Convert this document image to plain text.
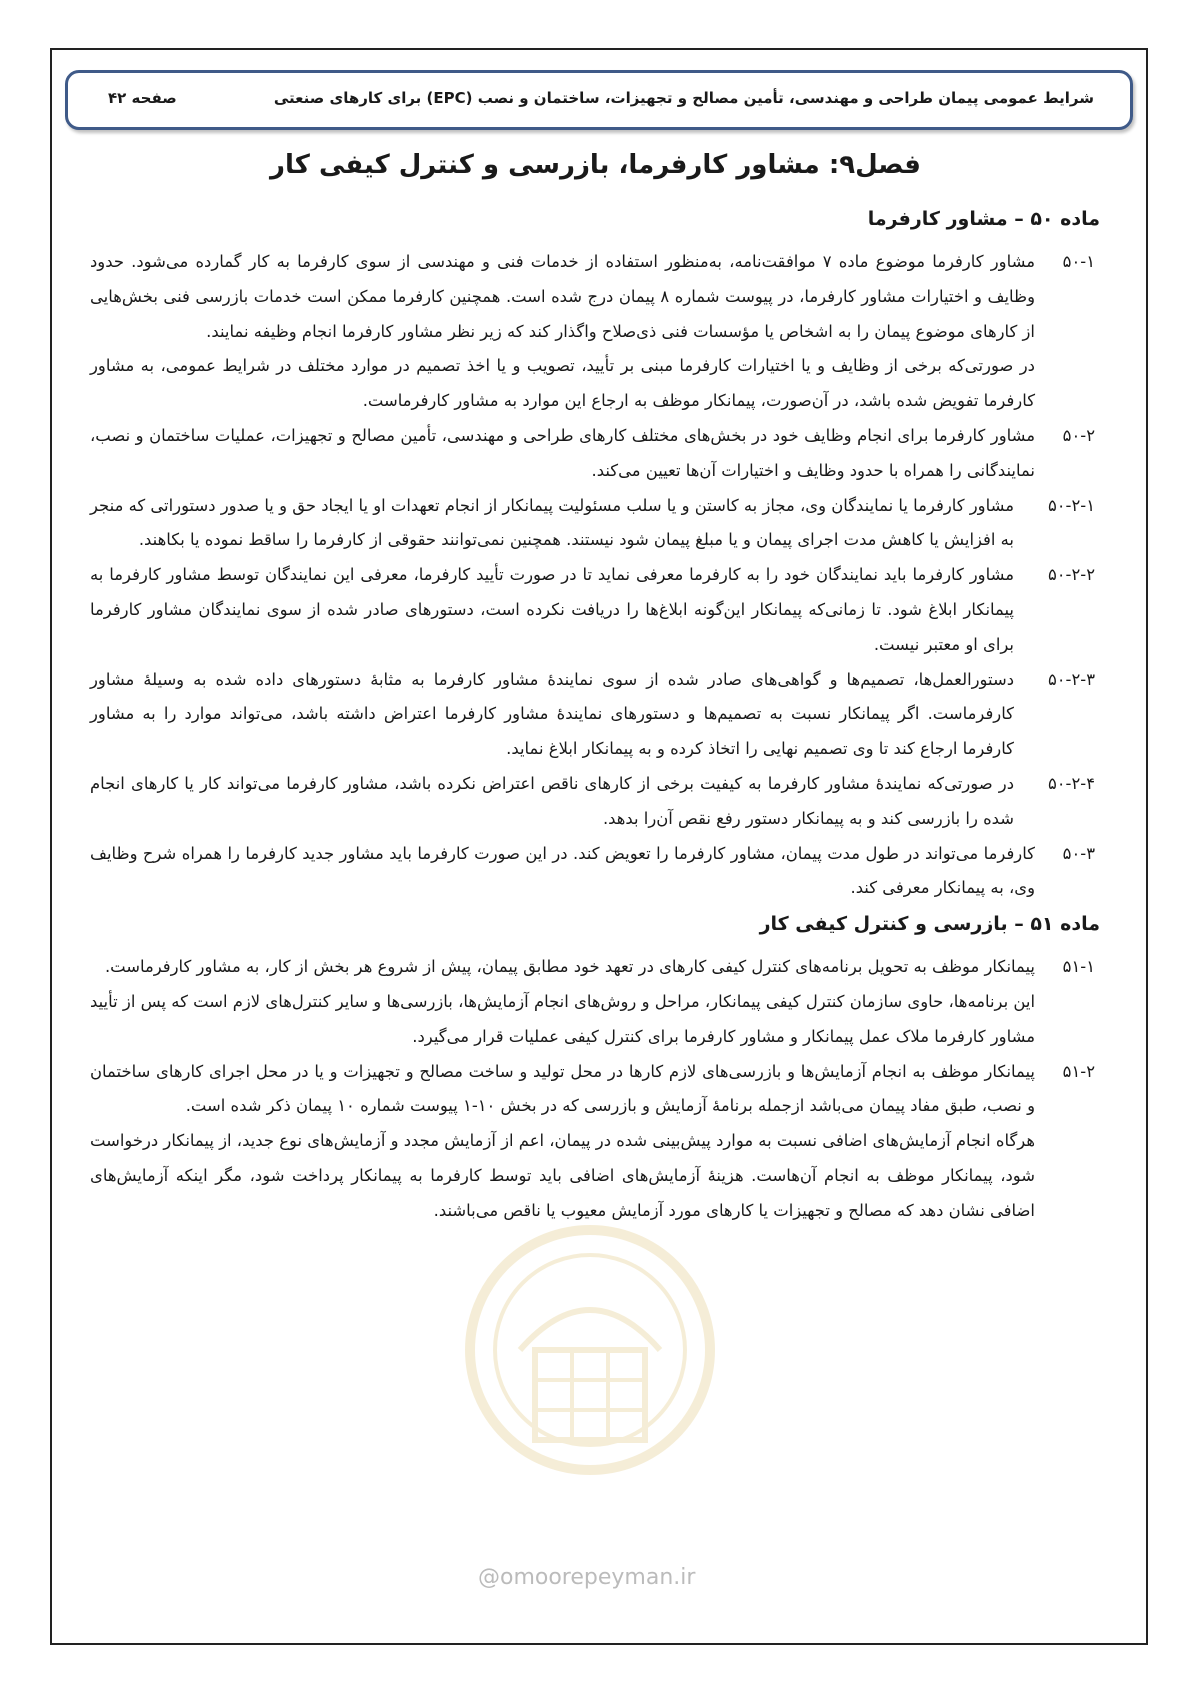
شرایط عمومی پیمان طراحی و مهندسی، تأمین مصالح و تجهیزات، ساختمان و نصب (EPC) برای کارهای صنعتی
صفحه ۴۲
فصل۹: مشاور کارفرما، بازرسی و کنترل کیفی کار
@omoorepeyman.ir
ماده ۵۰ – مشاور کارفرما
۵۰-۱
مشاور کارفرما موضوع ماده ۷ موافقت‌نامه، به‌منظور استفاده از خدمات فنی و مهندسی از سوی کارفرما به کار گمارده می‌شود. حدود وظایف و اختیارات مشاور کارفرما، در پیوست شماره ۸ پیمان درج شده است. همچنین کارفرما ممکن است خدمات بازرسی فنی بخش‌هایی از کارهای موضوع پیمان را به اشخاص یا مؤسسات فنی ذی‌صلاح واگذار کند که زیر نظر مشاور کارفرما انجام وظیفه نمایند.
در صورتی‌که برخی از وظایف و یا اختیارات کارفرما مبنی بر تأیید، تصویب و یا اخذ تصمیم در موارد مختلف در شرایط عمومی، به مشاور کارفرما تفویض شده باشد، در آن‌صورت، پیمانکار موظف به ارجاع این موارد به مشاور کارفرماست.
۵۰-۲
مشاور کارفرما برای انجام وظایف خود در بخش‌های مختلف کارهای طراحی و مهندسی، تأمین مصالح و تجهیزات، عملیات ساختمان و نصب، نمایندگانی را همراه با حدود وظایف و اختیارات آن‌ها تعیین می‌کند.
۵۰-۲-۱
مشاور کارفرما یا نمایندگان وی، مجاز به کاستن و یا سلب مسئولیت پیمانکار از انجام تعهدات او یا ایجاد حق و یا صدور دستوراتی که منجر به افزایش یا کاهش مدت اجرای پیمان و یا مبلغ پیمان شود نیستند. همچنین نمی‌توانند حقوقی از کارفرما را ساقط نموده یا بکاهند.
۵۰-۲-۲
مشاور کارفرما باید نمایندگان خود را به کارفرما معرفی نماید تا در صورت تأیید کارفرما، معرفی این نمایندگان توسط مشاور کارفرما به پیمانکار ابلاغ شود. تا زمانی‌که پیمانکار این‌گونه ابلاغ‌ها را دریافت نکرده است، دستورهای صادر شده از سوی نمایندگان مشاور کارفرما برای او معتبر نیست.
۵۰-۲-۳
دستورالعمل‌ها، تصمیم‌ها و گواهی‌های صادر شده از سوی نمایندهٔ مشاور کارفرما به مثابهٔ دستورهای داده شده به وسیلهٔ مشاور کارفرماست. اگر پیمانکار نسبت به تصمیم‌ها و دستورهای نمایندهٔ مشاور کارفرما اعتراض داشته باشد، می‌تواند موارد را به مشاور کارفرما ارجاع کند تا وی تصمیم نهایی را اتخاذ کرده و به پیمانکار ابلاغ نماید.
۵۰-۲-۴
در صورتی‌که نمایندهٔ مشاور کارفرما به کیفیت برخی از کارهای ناقص اعتراض نکرده باشد، مشاور کارفرما می‌تواند کار یا کارهای انجام شده را بازرسی کند و به پیمانکار دستور رفع نقص آن‌را بدهد.
۵۰-۳
کارفرما می‌تواند در طول مدت پیمان، مشاور کارفرما را تعویض کند. در این صورت کارفرما باید مشاور جدید کارفرما را همراه شرح وظایف وی، به پیمانکار معرفی کند.
ماده ۵۱ – بازرسی و کنترل کیفی کار
۵۱-۱
پیمانکار موظف به تحویل برنامه‌های کنترل کیفی کارهای در تعهد خود مطابق پیمان، پیش از شروع هر بخش از کار، به مشاور کارفرماست.
این برنامه‌ها، حاوی سازمان کنترل کیفی پیمانکار، مراحل و روش‌های انجام آزمایش‌ها، بازرسی‌ها و سایر کنترل‌های لازم است که پس از تأیید مشاور کارفرما ملاک عمل پیمانکار و مشاور کارفرما برای کنترل کیفی عملیات قرار می‌گیرد.
۵۱-۲
پیمانکار موظف به انجام آزمایش‌ها و بازرسی‌های لازم کارها در محل تولید و ساخت مصالح و تجهیزات و یا در محل اجرای کارهای ساختمان و نصب، طبق مفاد پیمان می‌باشد ازجمله برنامهٔ آزمایش و بازرسی که در بخش ۱۰-۱ پیوست شماره ۱۰ پیمان ذکر شده است.
هرگاه انجام آزمایش‌های اضافی نسبت به موارد پیش‌بینی شده در پیمان، اعم از آزمایش مجدد و آزمایش‌های نوع جدید، از پیمانکار درخواست شود، پیمانکار موظف به انجام آن‌هاست. هزینهٔ آزمایش‌های اضافی باید توسط کارفرما به پیمانکار پرداخت شود، مگر اینکه آزمایش‌های اضافی نشان دهد که مصالح و تجهیزات یا کارهای مورد آزمایش معیوب یا ناقص می‌باشند.
